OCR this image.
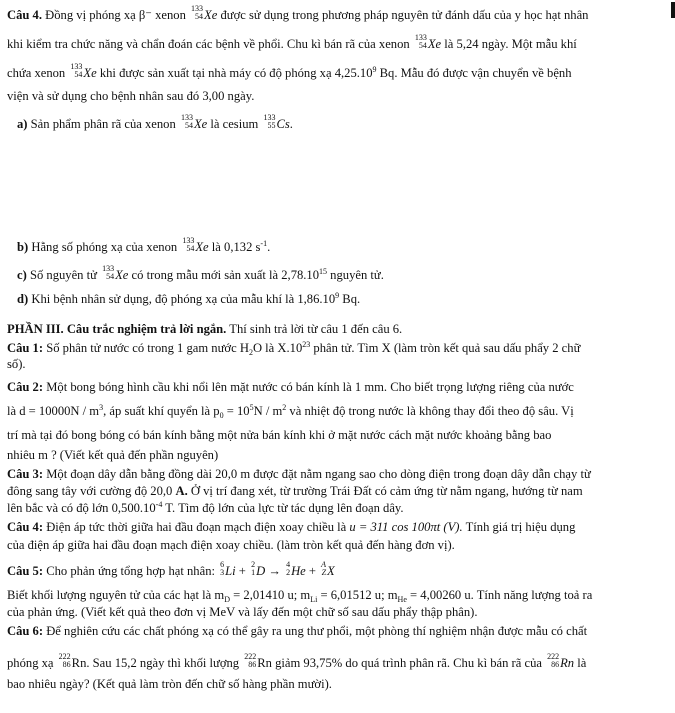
Câu 4. Đồng vị phóng xạ β⁻ xenon 133
54 Xe được sử dụng trong phương pháp nguyên tử đánh dấu của y học hạt nhân
khi kiểm tra chức năng và chẩn đoán các bệnh về phổi. Chu kì bán rã của xenon 133
54 Xe là 5,24 ngày. Một mẫu khí
chứa xenon 133
54 Xe khi được sản xuất tại nhà máy có độ phóng xạ 4,25.10$^9$ Bq. Mẫu đó được vận chuyển về bệnh
viện và sử dụng cho bệnh nhân sau đó 3,00 ngày.
a) Sản phẩm phân rã của xenon 133
54 Xe là cesium 133
55 Cs.
b) Hằng số phóng xạ của xenon 133
54 Xe là 0,132 $s^{-1}$.
c) Số nguyên tử 133
54 Xe có trong mẫu mới sản xuất là 2,78.10$^{15}$ nguyên tử.
d) Khi bệnh nhân sử dụng, độ phóng xạ của mẫu khí là 1,86.10$^9$ Bq.
PHẦN III. Câu trắc nghiệm trả lời ngắn. Thí sinh trả lời từ câu 1 đến câu 6.
Câu 1: Số phân tử nước có trong 1 gam nước $H_2O$ là $X.10^{23}$ phân tử. Tìm X (làm tròn kết quả sau dấu phẩy 2 chữ
số).
Câu 2: Một bong bóng hình cầu khi nổi lên mặt nước có bán kính là 1 mm. Cho biết trọng lượng riêng của nước
là $d = 10000N / m^3$, áp suất khí quyển là $p_0 = 10^5N / m^2$ và nhiệt độ trong nước là không thay đổi theo độ sâu. Vị
trí mà tại đó bong bóng có bán kính bằng một nửa bán kính khi ở mặt nước cách mặt nước khoảng bằng bao
nhiêu m ? (Viết kết quả đến phần nguyên)
Câu 3: Một đoạn dây dẫn bằng đồng dài 20,0 m được đặt nằm ngang sao cho dòng điện trong đoạn dây dẫn chạy từ
đông sang tây với cường độ 20,0 A. Ở vị trí đang xét, từ trường Trái Đất có cảm ứng từ nằm ngang, hướng từ nam
lên bắc và có độ lớn $0,500.10^{-4}$ T. Tìm độ lớn của lực từ tác dụng lên đoạn dây.
Câu 4: Điện áp tức thời giữa hai đầu đoạn mạch điện xoay chiều là u = 311 cos 100πt (V). Tính giá trị hiệu dụng
của điện áp giữa hai đầu đoạn mạch điện xoay chiều. (làm tròn kết quả đến hàng đơn vị).
Câu 5: Cho phản ứng tổng hợp hạt nhân: 6
3 Li + 2
1 D → 4
2 He + A
Z X
Biết khối lượng nguyên tử của các hạt là $m_D = 2,01410$ u; $m_{Li} = 6,01512$ u; $m_{He} = 4,00260$ u. Tính năng lượng toả ra
của phản ứng. (Viết kết quả theo đơn vị MeV và lấy đến một chữ số sau dấu phẩy thập phân).
Câu 6: Để nghiên cứu các chất phóng xạ có thể gây ra ung thư phổi, một phòng thí nghiệm nhận được mẫu có chất
phóng xạ 222
86 Rn. Sau 15,2 ngày thì khối lượng 222
86 Rn giảm 93,75% do quá trình phân rã. Chu kì bán rã của 222
86 Rn là
bao nhiêu ngày? (Kết quả làm tròn đến chữ số hàng phần mười).
